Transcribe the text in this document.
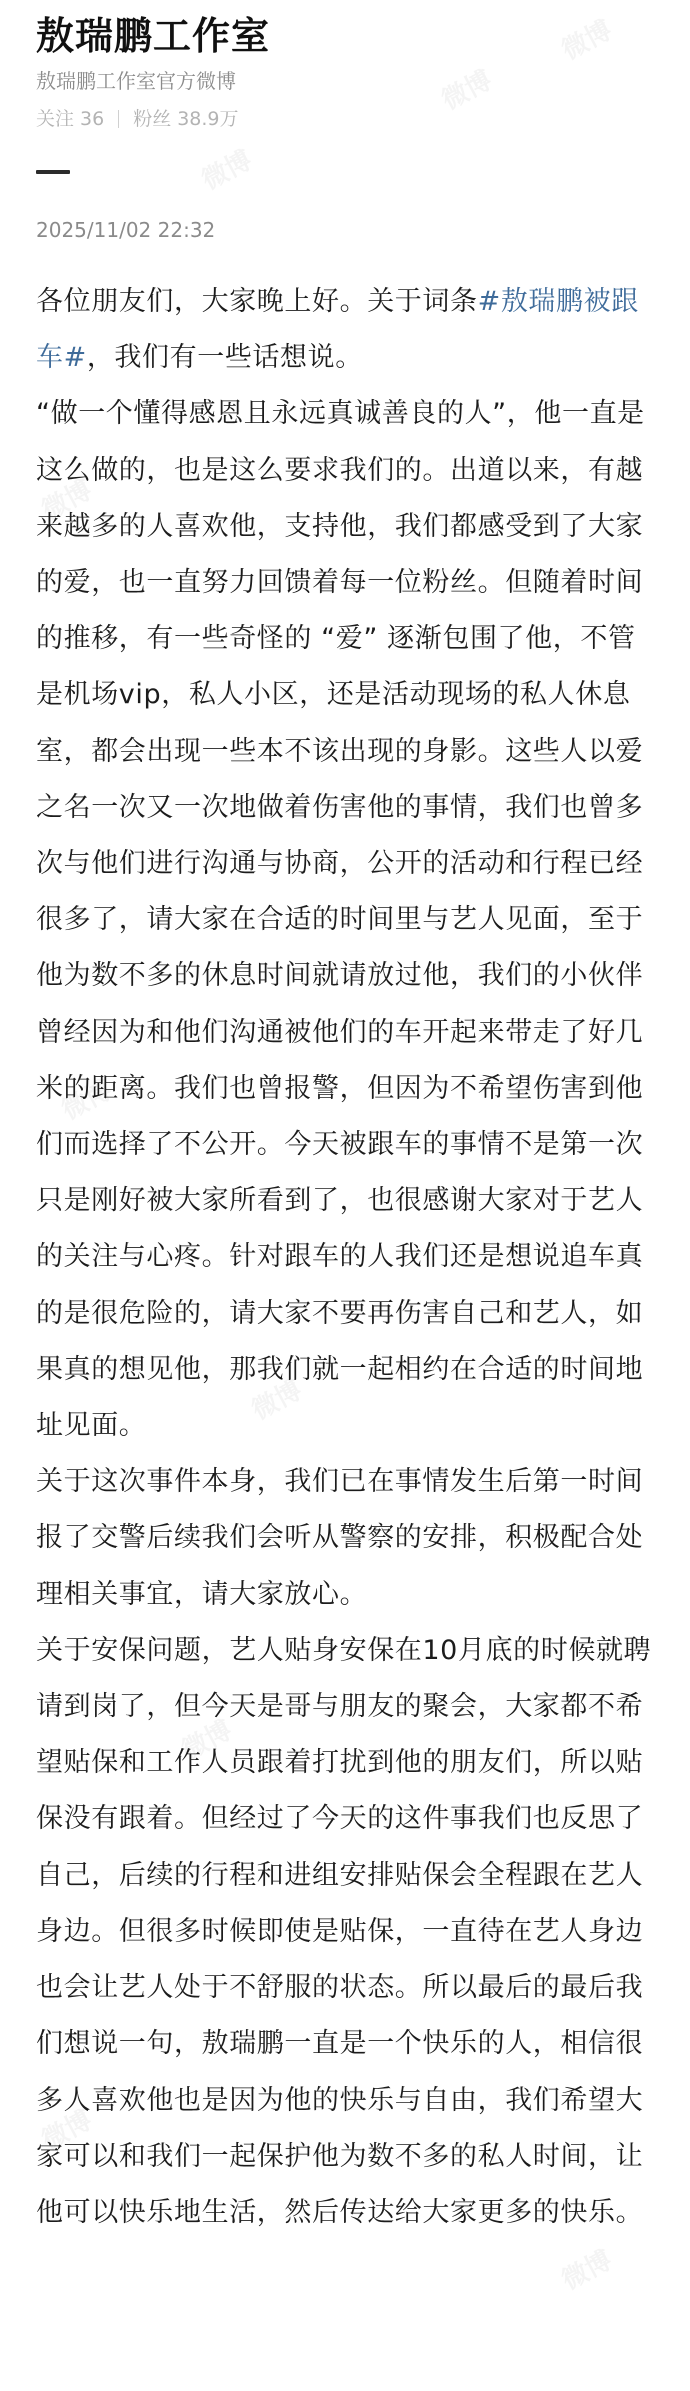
敖瑞鹏工作室
敖瑞鹏工作室官方微博
关注 36 粉丝 38.9万
2025/11/02 22:32

各位朋友们，大家晚上好。关于词条#敖瑞鹏被跟车#，我们有一些话想说。

“做一个懂得感恩且永远真诚善良的人”，他一直是这么做的，也是这么要求我们的。出道以来，有越来越多的人喜欢他，支持他，我们都感受到了大家的爱，也一直努力回馈着每一位粉丝。但随着时间的推移，有一些奇怪的 “爱” 逐渐包围了他，不管是机场vip，私人小区，还是活动现场的私人休息室，都会出现一些本不该出现的身影。这些人以爱之名一次又一次地做着伤害他的事情，我们也曾多次与他们进行沟通与协商，公开的活动和行程已经很多了，请大家在合适的时间里与艺人见面，至于他为数不多的休息时间就请放过他，我们的小伙伴曾经因为和他们沟通被他们的车开起来带走了好几米的距离。我们也曾报警，但因为不希望伤害到他们而选择了不公开。今天被跟车的事情不是第一次只是刚好被大家所看到了，也很感谢大家对于艺人的关注与心疼。针对跟车的人我们还是想说追车真的是很危险的，请大家不要再伤害自己和艺人，如果真的想见他，那我们就一起相约在合适的时间地址见面。

关于这次事件本身，我们已在事情发生后第一时间报了交警后续我们会听从警察的安排，积极配合处理相关事宜，请大家放心。

关于安保问题，艺人贴身安保在10月底的时候就聘请到岗了，但今天是哥与朋友的聚会，大家都不希望贴保和工作人员跟着打扰到他的朋友们，所以贴保没有跟着。但经过了今天的这件事我们也反思了自己，后续的行程和进组安排贴保会全程跟在艺人身边。但很多时候即使是贴保，一直待在艺人身边也会让艺人处于不舒服的状态。所以最后的最后我们想说一句，敖瑞鹏一直是一个快乐的人，相信很多人喜欢他也是因为他的快乐与自由，我们希望大家可以和我们一起保护他为数不多的私人时间，让他可以快乐地生活，然后传达给大家更多的快乐。
